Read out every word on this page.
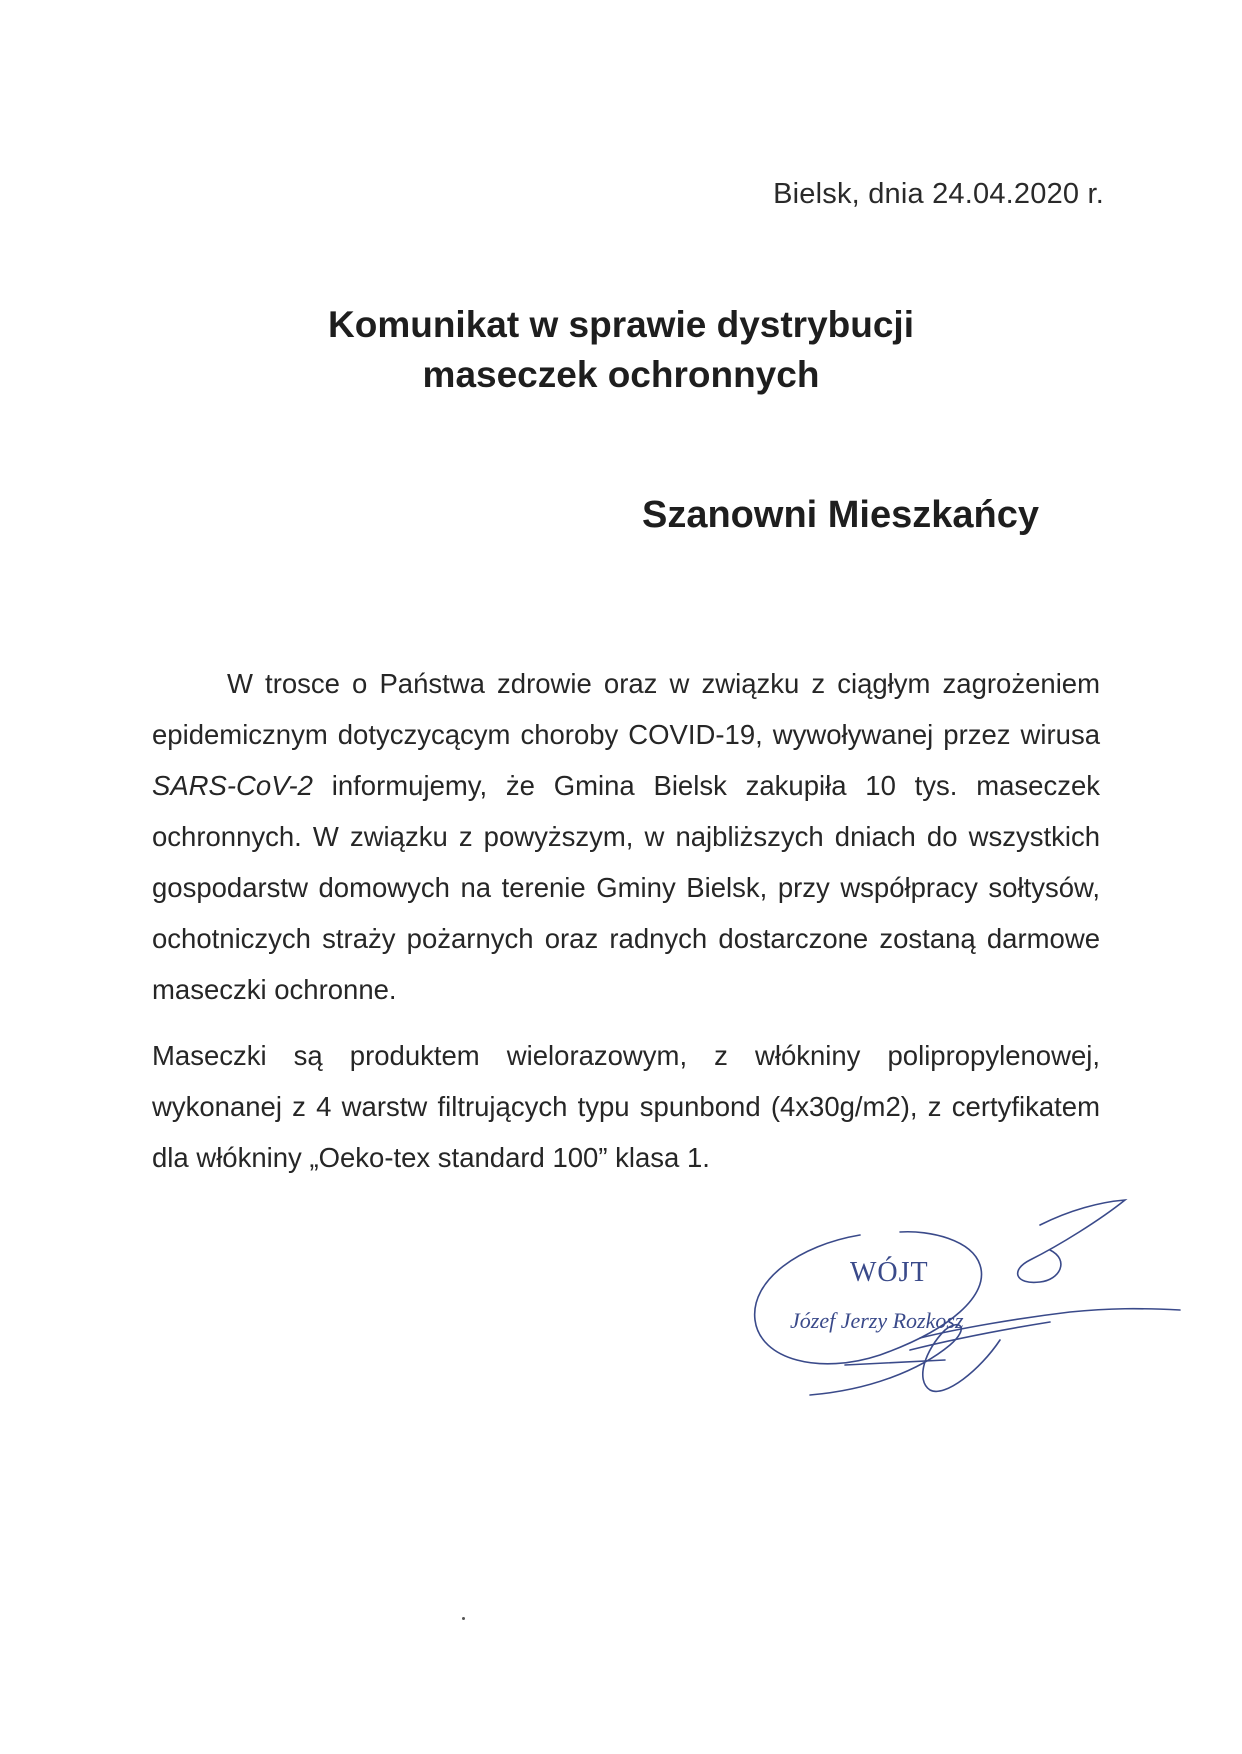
Bielsk, dnia 24.04.2020 r.
Komunikat w sprawie dystrybucji
maseczek ochronnych
Szanowni Mieszkańcy
W trosce o Państwa zdrowie oraz w związku z ciągłym zagrożeniem epidemicznym dotyczycącym choroby COVID-19, wywoływanej przez wirusa SARS-CoV-2 informujemy, że Gmina Bielsk zakupiła 10 tys. maseczek ochronnych. W związku z powyższym, w najbliższych dniach do wszystkich gospodarstw domowych na terenie Gminy Bielsk, przy współpracy sołtysów, ochotniczych straży pożarnych oraz radnych dostarczone zostaną darmowe maseczki ochronne.
Maseczki są produktem wielorazowym, z włókniny polipropylenowej, wykonanej z 4 warstw filtrujących typu spunbond (4x30g/m2), z certyfikatem dla włókniny „Oeko-tex standard 100” klasa 1.
WÓJT
Józef Jerzy Rozkosz
